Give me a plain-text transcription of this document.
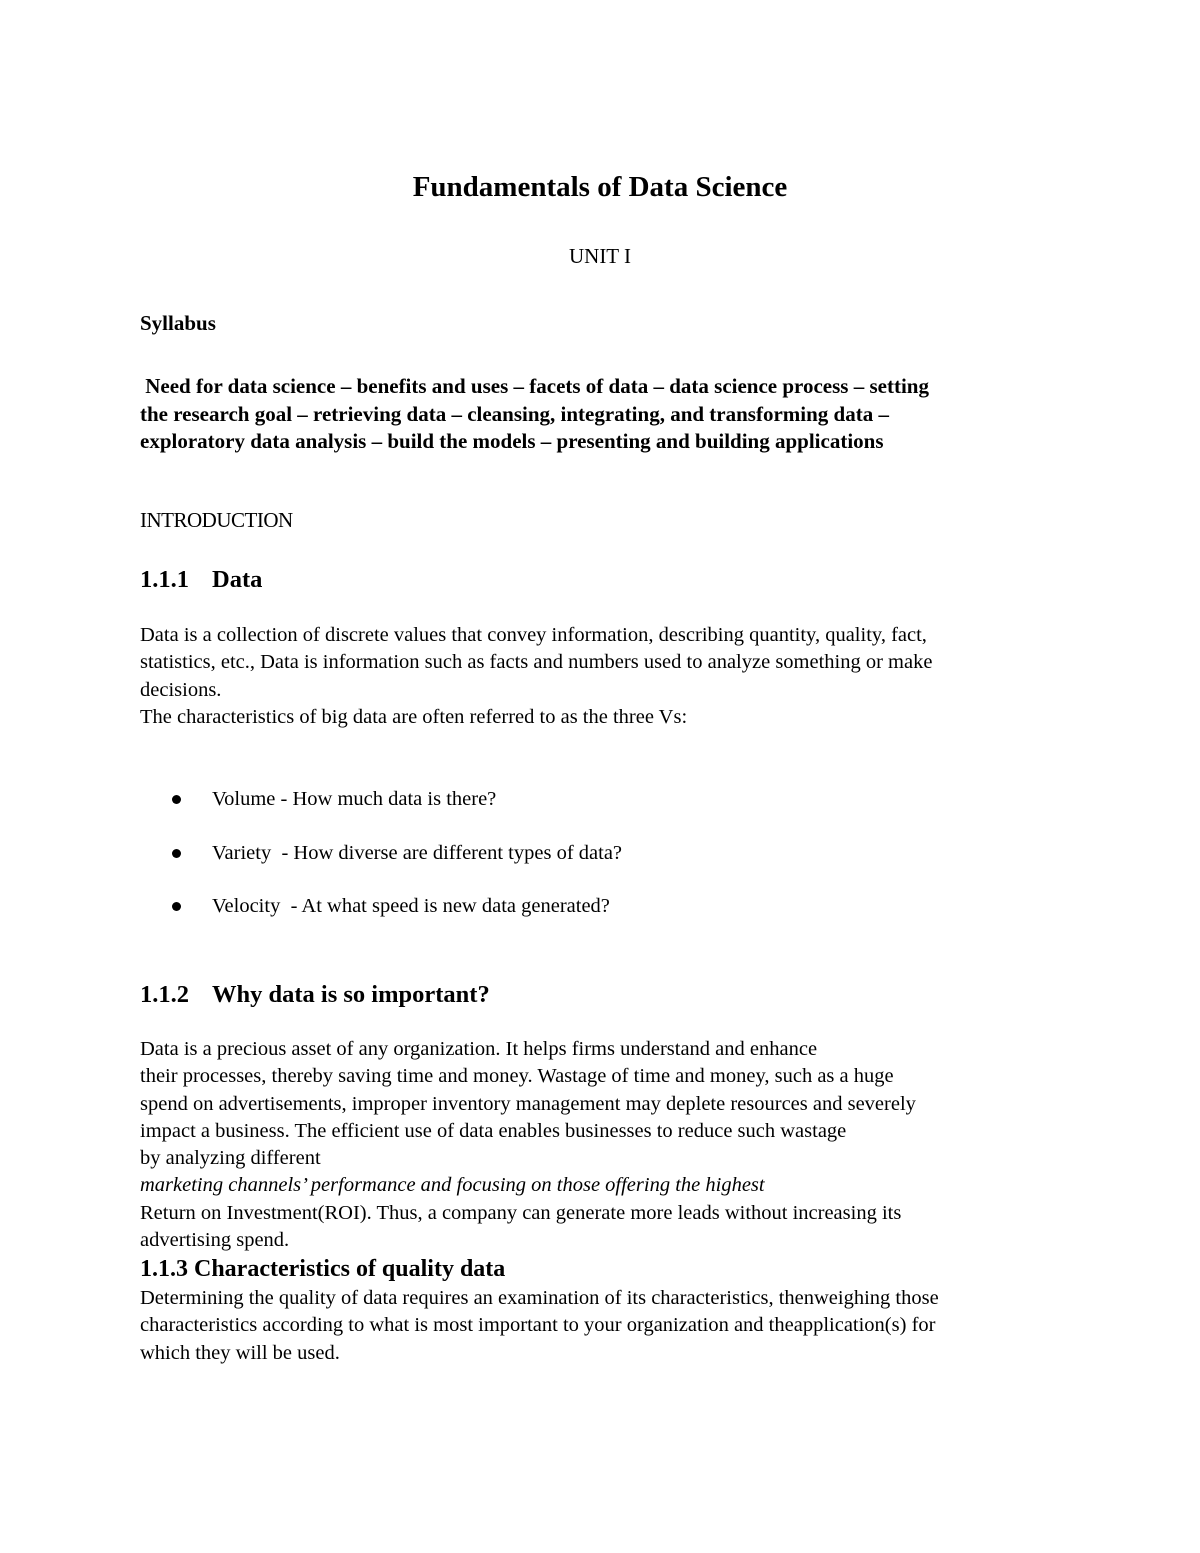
Fundamentals of Data Science
UNIT I
Syllabus
Need for data science – benefits and uses – facets of data – data science process – setting
the research goal – retrieving data – cleansing, integrating, and transforming data –
exploratory data analysis – build the models – presenting and building applications
INTRODUCTION
1.1.1 Data
Data is a collection of discrete values that convey information, describing quantity, quality, fact,
statistics, etc., Data is information such as facts and numbers used to analyze something or make
decisions.
The characteristics of big data are often referred to as the three Vs:
Volume - How much data is there?
Variety  - How diverse are different types of data?
Velocity  - At what speed is new data generated?
1.1.2 Why data is so important?
Data is a precious asset of any organization. It helps firms understand and enhance
their processes, thereby saving time and money. Wastage of time and money, such as a huge
spend on advertisements, improper inventory management may deplete resources and severely
impact a business. The efficient use of data enables businesses to reduce such wastage
by analyzing different
marketing channels’ performance and focusing on those offering the highest
Return on Investment(ROI). Thus, a company can generate more leads without increasing its
advertising spend.
1.1.3 Characteristics of quality data
Determining the quality of data requires an examination of its characteristics, thenweighing those
characteristics according to what is most important to your organization and theapplication(s) for
which they will be used.
